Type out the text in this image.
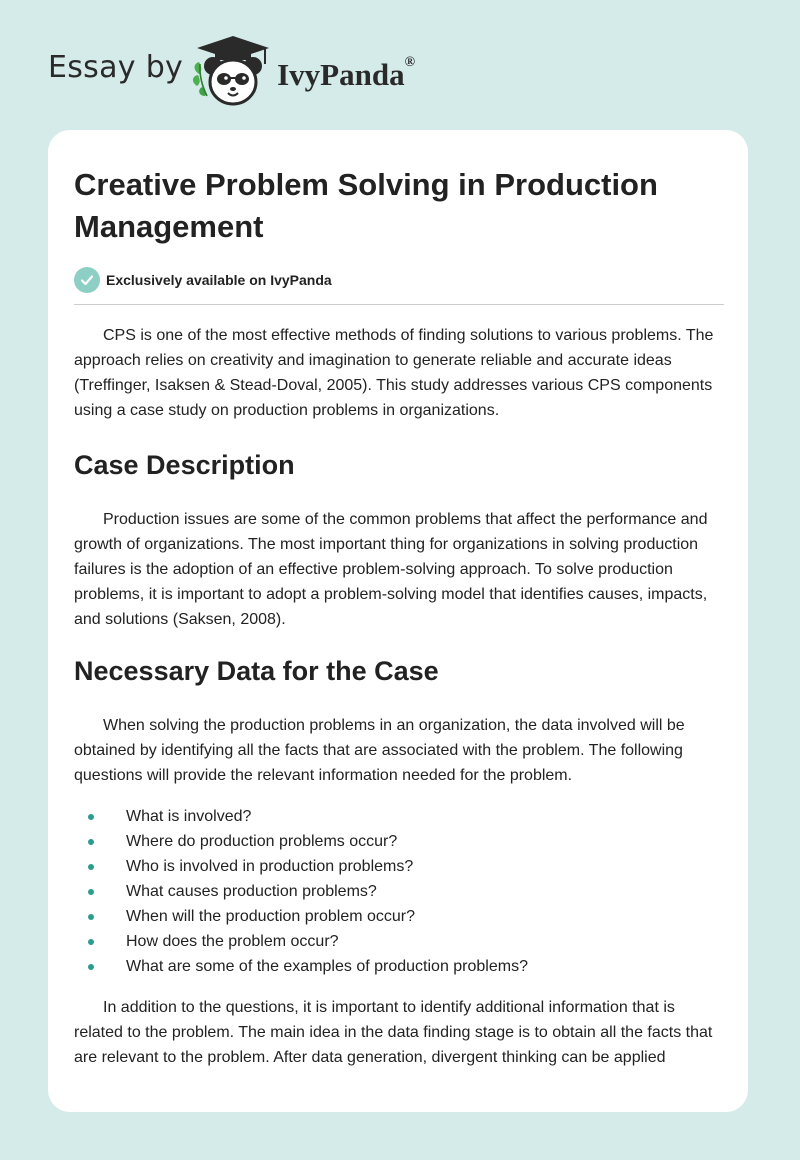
Essay by	IvyPanda®
Creative Problem Solving in Production Management
Exclusively available on IvyPanda

CPS is one of the most effective methods of finding solutions to various problems. The approach relies on creativity and imagination to generate reliable and accurate ideas (Treffinger, Isaksen & Stead-Doval, 2005). This study addresses various CPS components using a case study on production problems in organizations.

Case Description

Production issues are some of the common problems that affect the performance and growth of organizations. The most important thing for organizations in solving production failures is the adoption of an effective problem-solving approach. To solve production problems, it is important to adopt a problem-solving model that identifies causes, impacts, and solutions (Saksen, 2008).

Necessary Data for the Case

When solving the production problems in an organization, the data involved will be obtained by identifying all the facts that are associated with the problem. The following questions will provide the relevant information needed for the problem.

What is involved?
Where do production problems occur?
Who is involved in production problems?
What causes production problems?
When will the production problem occur?
How does the problem occur?
What are some of the examples of production problems?

In addition to the questions, it is important to identify additional information that is related to the problem. The main idea in the data finding stage is to obtain all the facts that are relevant to the problem. After data generation, divergent thinking can be applied
